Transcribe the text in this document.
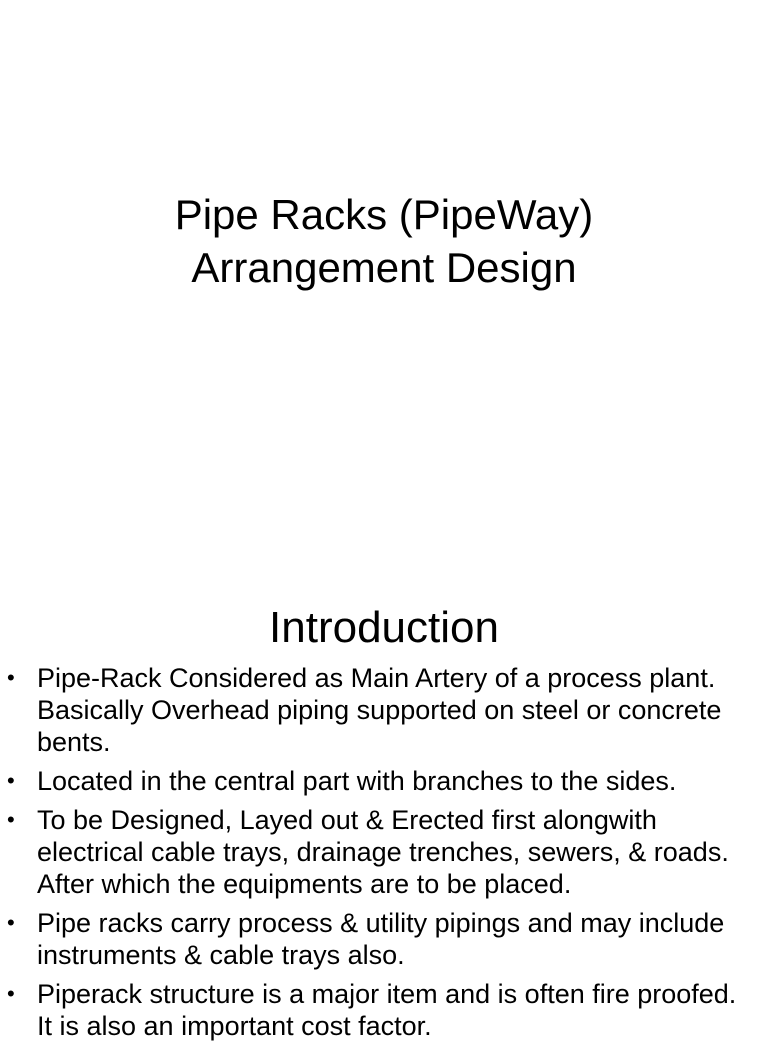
Pipe Racks (PipeWay)
Arrangement Design
Introduction
• Pipe-Rack Considered as Main Artery of a process plant. Basically Overhead piping supported on steel or concrete bents.
• Located in the central part with branches to the sides.
• To be Designed, Layed out & Erected first alongwith electrical cable trays, drainage trenches, sewers, & roads. After which the equipments are to be placed.
• Pipe racks carry process & utility pipings and may include instruments & cable trays also.
• Piperack structure is a major item and is often fire proofed. It is also an important cost factor.
